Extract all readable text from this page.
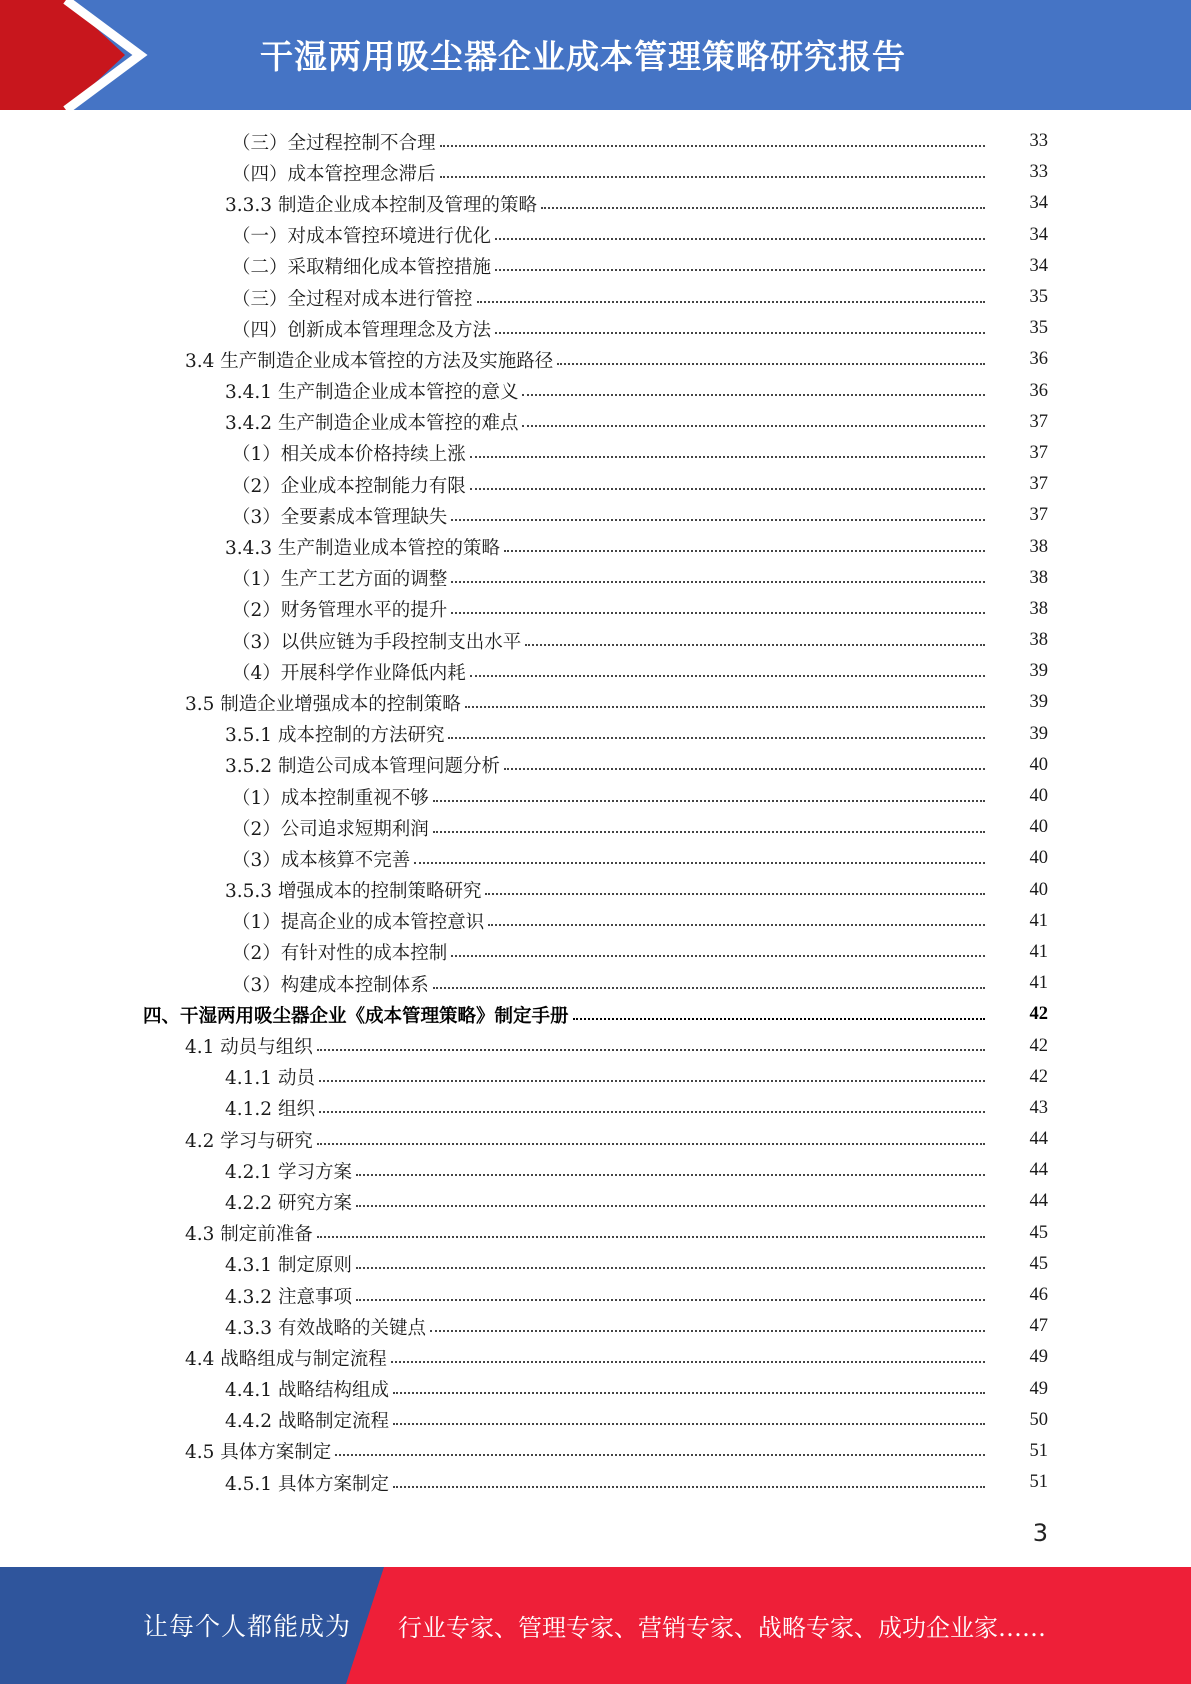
干湿两用吸尘器企业成本管理策略研究报告
（三）全过程控制不合理	33
（四）成本管控理念滞后	33
3.3.3 制造企业成本控制及管理的策略	34
（一）对成本管控环境进行优化	34
（二）采取精细化成本管控措施	34
（三）全过程对成本进行管控	35
（四）创新成本管理理念及方法	35
3.4 生产制造企业成本管控的方法及实施路径	36
3.4.1 生产制造企业成本管控的意义	36
3.4.2 生产制造企业成本管控的难点	37
（1）相关成本价格持续上涨	37
（2）企业成本控制能力有限	37
（3）全要素成本管理缺失	37
3.4.3 生产制造业成本管控的策略	38
（1）生产工艺方面的调整	38
（2）财务管理水平的提升	38
（3）以供应链为手段控制支出水平	38
（4）开展科学作业降低内耗	39
3.5 制造企业增强成本的控制策略	39
3.5.1 成本控制的方法研究	39
3.5.2 制造公司成本管理问题分析	40
（1）成本控制重视不够	40
（2）公司追求短期利润	40
（3）成本核算不完善	40
3.5.3 增强成本的控制策略研究	40
（1）提高企业的成本管控意识	41
（2）有针对性的成本控制	41
（3）构建成本控制体系	41
四、干湿两用吸尘器企业《成本管理策略》制定手册	42
4.1 动员与组织	42
4.1.1 动员	42
4.1.2 组织	43
4.2 学习与研究	44
4.2.1 学习方案	44
4.2.2 研究方案	44
4.3 制定前准备	45
4.3.1 制定原则	45
4.3.2 注意事项	46
4.3.3 有效战略的关键点	47
4.4 战略组成与制定流程	49
4.4.1 战略结构组成	49
4.4.2 战略制定流程	50
4.5 具体方案制定	51
4.5.1 具体方案制定	51
3
让每个人都能成为 行业专家、管理专家、营销专家、战略专家、成功企业家……
